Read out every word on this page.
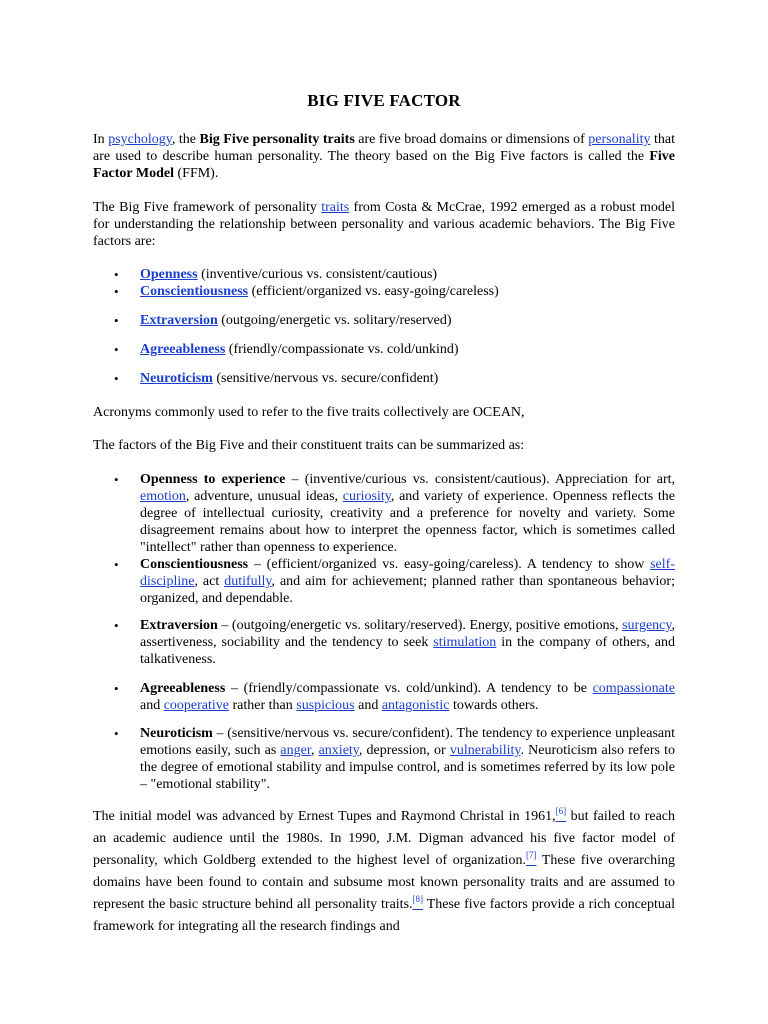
BIG FIVE FACTOR

In psychology, the Big Five personality traits are five broad domains or dimensions of personality that are used to describe human personality. The theory based on the Big Five factors is called the Five Factor Model (FFM).

The Big Five framework of personality traits from Costa & McCrae, 1992 emerged as a robust model for understanding the relationship between personality and various academic behaviors. The Big Five factors are:

• Openness (inventive/curious vs. consistent/cautious)
• Conscientiousness (efficient/organized vs. easy-going/careless)
• Extraversion (outgoing/energetic vs. solitary/reserved)
• Agreeableness (friendly/compassionate vs. cold/unkind)
• Neuroticism (sensitive/nervous vs. secure/confident)

Acronyms commonly used to refer to the five traits collectively are OCEAN,

The factors of the Big Five and their constituent traits can be summarized as:

• Openness to experience – (inventive/curious vs. consistent/cautious). Appreciation for art, emotion, adventure, unusual ideas, curiosity, and variety of experience. Openness reflects the degree of intellectual curiosity, creativity and a preference for novelty and variety. Some disagreement remains about how to interpret the openness factor, which is sometimes called "intellect" rather than openness to experience.
• Conscientiousness – (efficient/organized vs. easy-going/careless). A tendency to show self-discipline, act dutifully, and aim for achievement; planned rather than spontaneous behavior; organized, and dependable.
• Extraversion – (outgoing/energetic vs. solitary/reserved). Energy, positive emotions, surgency, assertiveness, sociability and the tendency to seek stimulation in the company of others, and talkativeness.
• Agreeableness – (friendly/compassionate vs. cold/unkind). A tendency to be compassionate and cooperative rather than suspicious and antagonistic towards others.
• Neuroticism – (sensitive/nervous vs. secure/confident). The tendency to experience unpleasant emotions easily, such as anger, anxiety, depression, or vulnerability. Neuroticism also refers to the degree of emotional stability and impulse control, and is sometimes referred by its low pole – "emotional stability".

The initial model was advanced by Ernest Tupes and Raymond Christal in 1961,[6] but failed to reach an academic audience until the 1980s. In 1990, J.M. Digman advanced his five factor model of personality, which Goldberg extended to the highest level of organization.[7] These five overarching domains have been found to contain and subsume most known personality traits and are assumed to represent the basic structure behind all personality traits.[8] These five factors provide a rich conceptual framework for integrating all the research findings and
